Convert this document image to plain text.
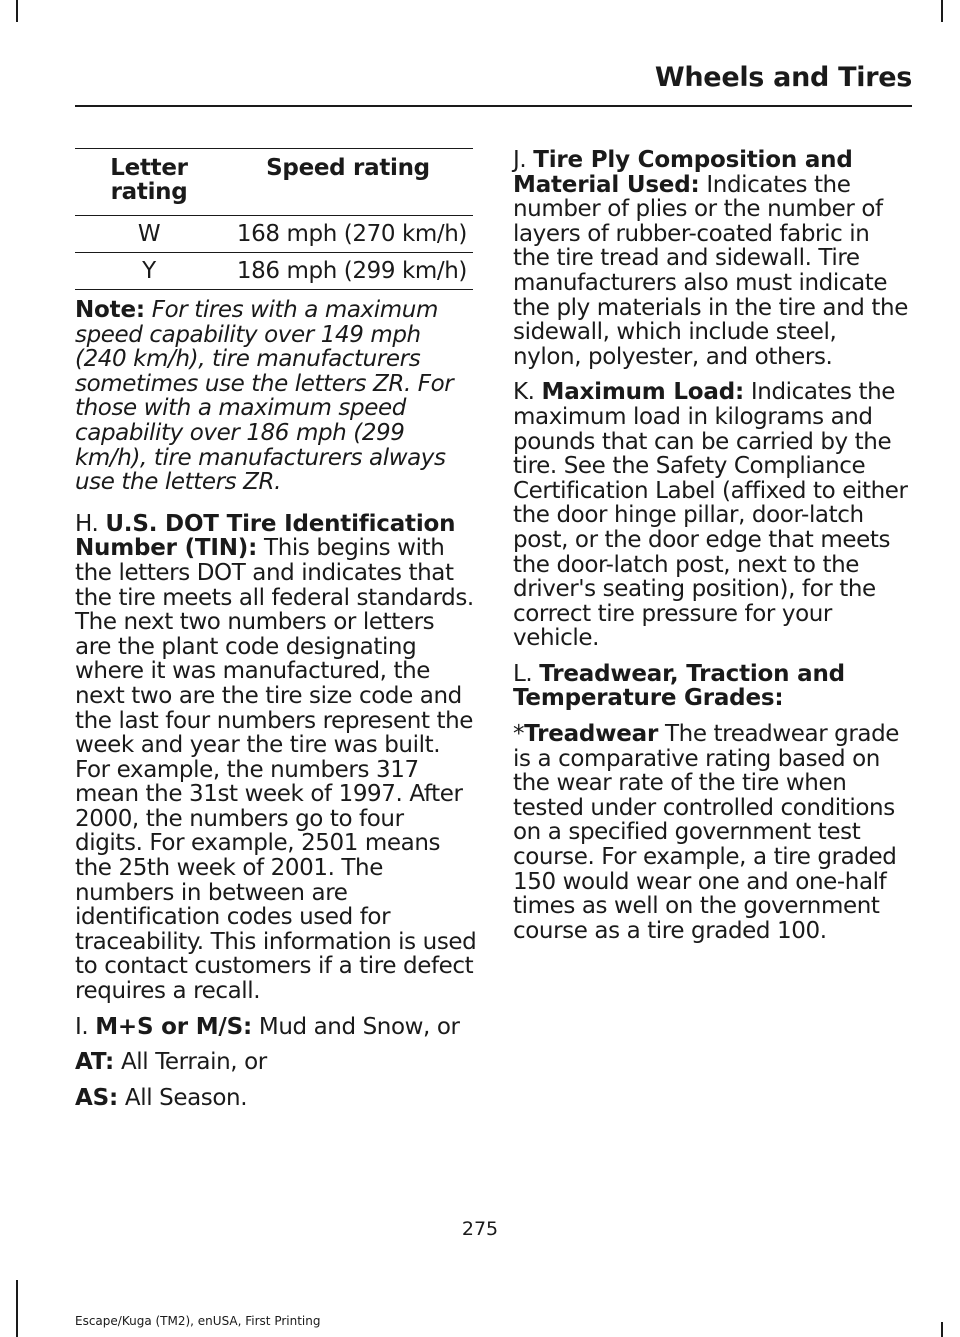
Wheels and Tires
Letter rating	Speed rating
W	168 mph (270 km/h)
Y	186 mph (299 km/h)

Note: For tires with a maximum speed capability over 149 mph (240 km/h), tire manufacturers sometimes use the letters ZR. For those with a maximum speed capability over 186 mph (299 km/h), tire manufacturers always use the letters ZR.

H. U.S. DOT Tire Identification Number (TIN): This begins with the letters DOT and indicates that the tire meets all federal standards. The next two numbers or letters are the plant code designating where it was manufactured, the next two are the tire size code and the last four numbers represent the week and year the tire was built. For example, the numbers 317 mean the 31st week of 1997. After 2000, the numbers go to four digits. For example, 2501 means the 25th week of 2001. The numbers in between are identification codes used for traceability. This information is used to contact customers if a tire defect requires a recall.

I. M+S or M/S: Mud and Snow, or

AT: All Terrain, or

AS: All Season.

J. Tire Ply Composition and Material Used: Indicates the number of plies or the number of layers of rubber-coated fabric in the tire tread and sidewall. Tire manufacturers also must indicate the ply materials in the tire and the sidewall, which include steel, nylon, polyester, and others.

K. Maximum Load: Indicates the maximum load in kilograms and pounds that can be carried by the tire. See the Safety Compliance Certification Label (affixed to either the door hinge pillar, door-latch post, or the door edge that meets the door-latch post, next to the driver's seating position), for the correct tire pressure for your vehicle.

L. Treadwear, Traction and Temperature Grades:

*Treadwear The treadwear grade is a comparative rating based on the wear rate of the tire when tested under controlled conditions on a specified government test course. For example, a tire graded 150 would wear one and one-half times as well on the government course as a tire graded 100.

275
Escape/Kuga (TM2), enUSA, First Printing
